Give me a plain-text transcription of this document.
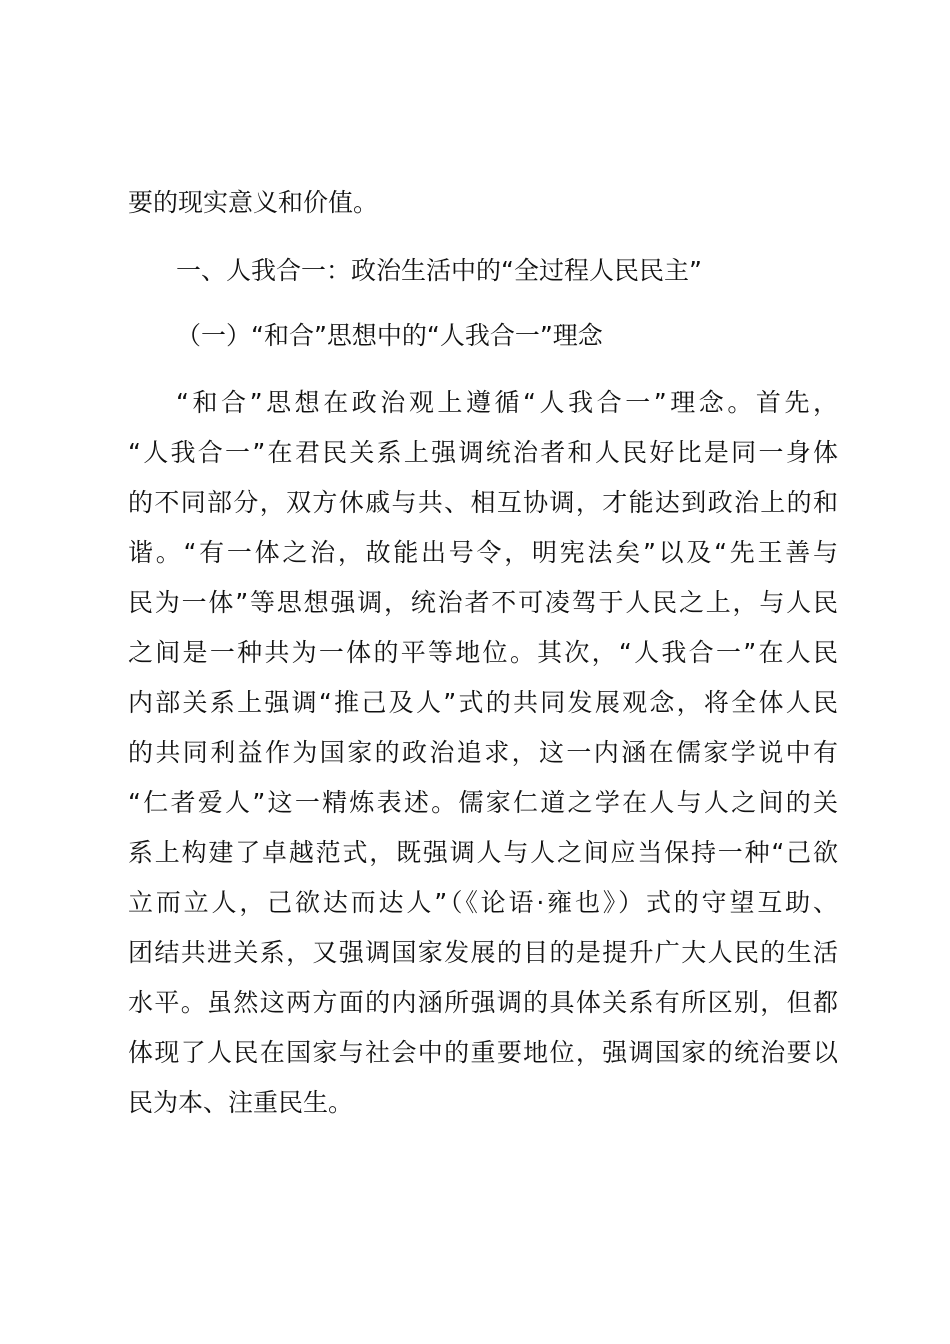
要的现实意义和价值。
一、人我合一：政治生活中的“全过程人民民主”
（一）“和合”思想中的“人我合一”理念
“和合”思想在政治观上遵循“人我合一”理念。首先，
“人我合一”在君民关系上强调统治者和人民好比是同一身体
的不同部分，双方休戚与共、相互协调，才能达到政治上的和
谐。“有一体之治，故能出号令，明宪法矣”以及“先王善与
民为一体”等思想强调，统治者不可凌驾于人民之上，与人民
之间是一种共为一体的平等地位。其次，“人我合一”在人民
内部关系上强调“推己及人”式的共同发展观念，将全体人民
的共同利益作为国家的政治追求，这一内涵在儒家学说中有
“仁者爱人”这一精炼表述。儒家仁道之学在人与人之间的关
系上构建了卓越范式，既强调人与人之间应当保持一种“己欲
立而立人，己欲达而达人”（《论语·雍也》）式的守望互助、
团结共进关系，又强调国家发展的目的是提升广大人民的生活
水平。虽然这两方面的内涵所强调的具体关系有所区别，但都
体现了人民在国家与社会中的重要地位，强调国家的统治要以
民为本、注重民生。
